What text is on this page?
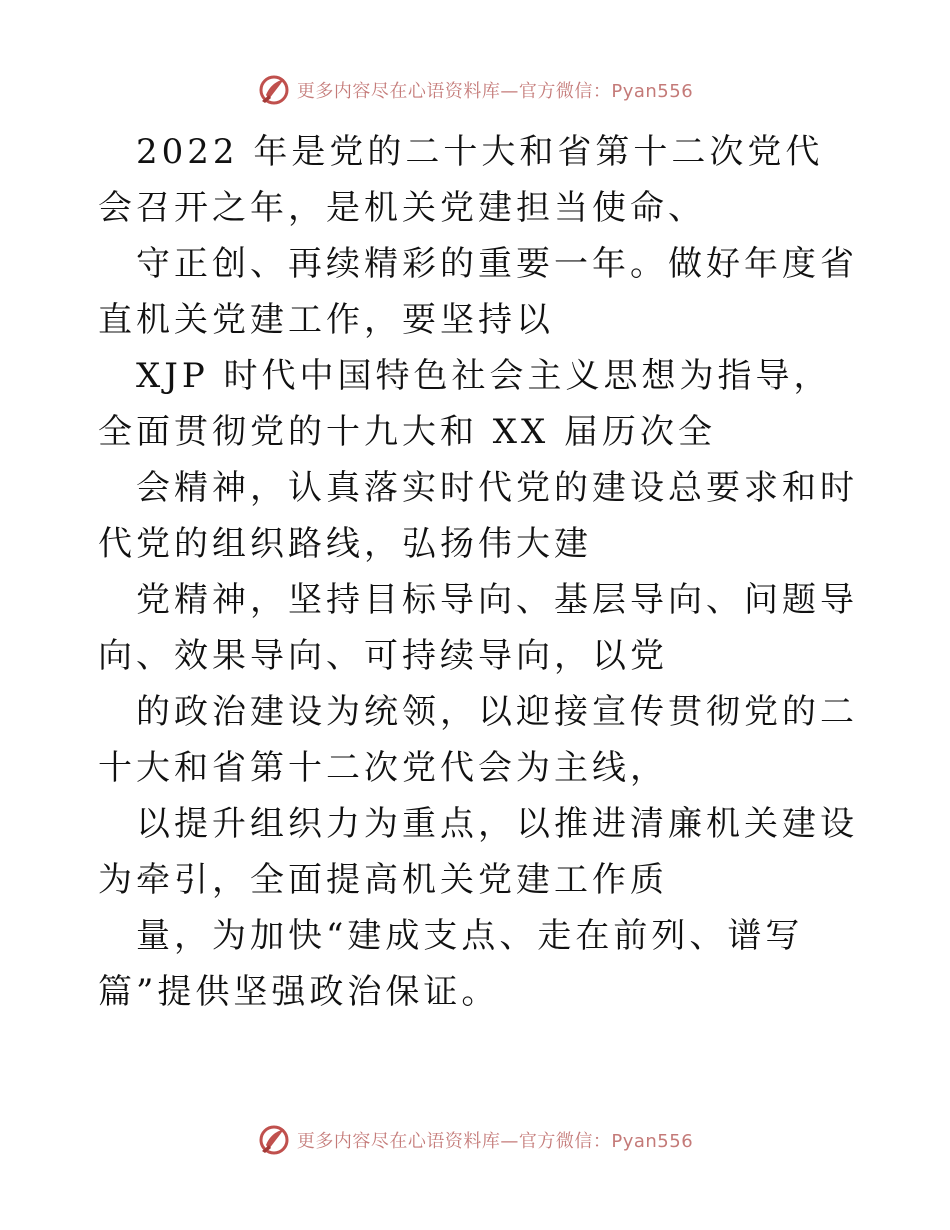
更多内容尽在心语资料库—官方微信：Pyan556

2022 年是党的二十大和省第十二次党代会召开之年，是机关党建担当使命、

守正创、再续精彩的重要一年。做好年度省直机关党建工作，要坚持以

XJP 时代中国特色社会主义思想为指导，全面贯彻党的十九大和 XX 届历次全

会精神，认真落实时代党的建设总要求和时代党的组织路线，弘扬伟大建

党精神，坚持目标导向、基层导向、问题导向、效果导向、可持续导向，以党

的政治建设为统领，以迎接宣传贯彻党的二十大和省第十二次党代会为主线，

以提升组织力为重点，以推进清廉机关建设为牵引，全面提高机关党建工作质

量，为加快“建成支点、走在前列、谱写篇”提供坚强政治保证。

更多内容尽在心语资料库—官方微信：Pyan556
